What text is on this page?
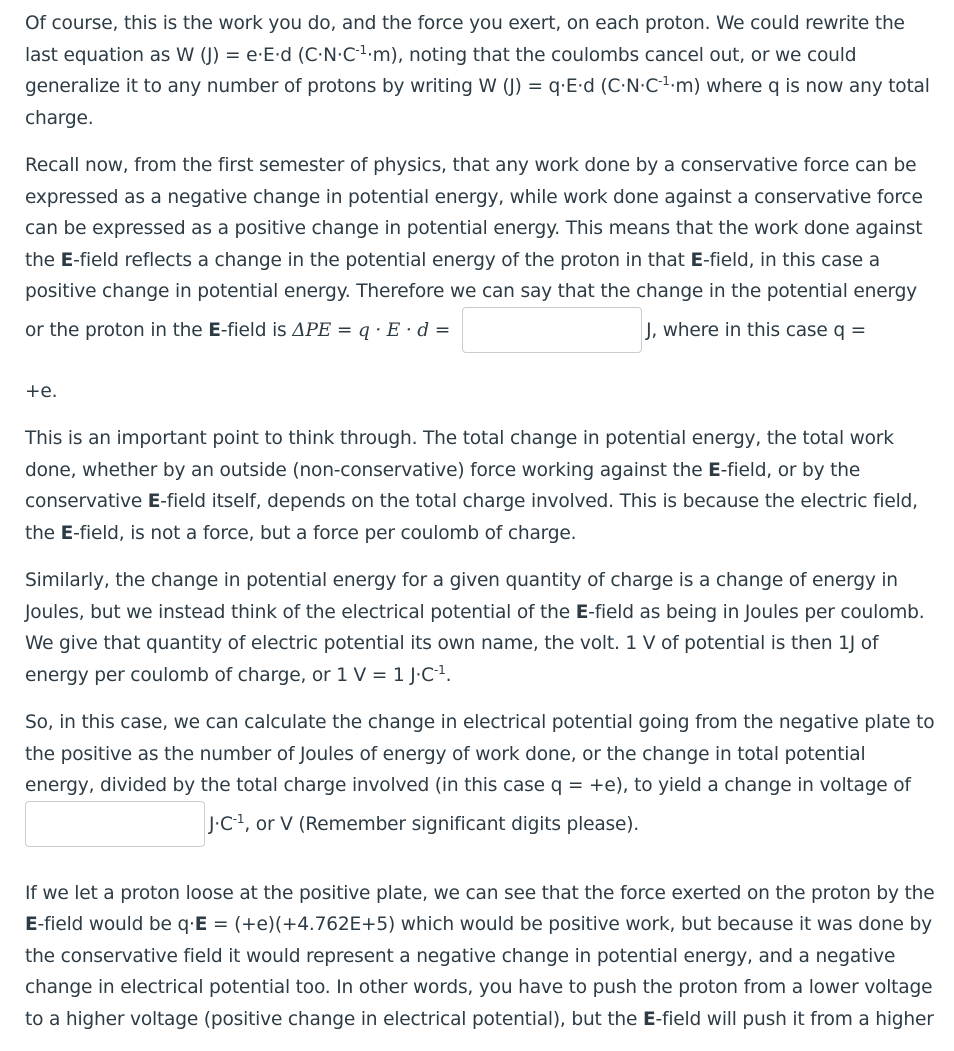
Of course, this is the work you do, and the force you exert, on each proton. We could rewrite the last equation as W (J) = e·E·d $(C\cdot N\cdot C^{-1}\cdot m)$, noting that the coulombs cancel out, or we could generalize it to any number of protons by writing W (J) = q·E·d $(C\cdot N\cdot C^{-1}\cdot m)$ where q is now any total charge.

Recall now, from the first semester of physics, that any work done by a conservative force can be expressed as a negative change in potential energy, while work done against a conservative force can be expressed as a positive change in potential energy. This means that the work done against the E-field reflects a change in the potential energy of the proton in that E-field, in this case a positive change in potential energy. Therefore we can say that the change in the potential energy

or the proton in the E-field is ΔPE = q · E · d =	J, where in this case q =

+e.

This is an important point to think through. The total change in potential energy, the total work done, whether by an outside (non-conservative) force working against the E-field, or by the conservative E-field itself, depends on the total charge involved. This is because the electric field, the E-field, is not a force, but a force per coulomb of charge.

Similarly, the change in potential energy for a given quantity of charge is a change of energy in Joules, but we instead think of the electrical potential of the E-field as being in Joules per coulomb. We give that quantity of electric potential its own name, the volt. 1 V of potential is then 1J of energy per coulomb of charge, or 1 V = 1 $J\cdot C^{-1}$.

So, in this case, we can calculate the change in electrical potential going from the negative plate to the positive as the number of Joules of energy of work done, or the change in total potential energy, divided by the total charge involved (in this case q = +e), to yield a change in voltage of

$J\cdot C^{-1}$, or V (Remember significant digits please).

If we let a proton loose at the positive plate, we can see that the force exerted on the proton by the E-field would be q·E = (+e)(+4.762E+5) which would be positive work, but because it was done by the conservative field it would represent a negative change in potential energy, and a negative change in electrical potential too. In other words, you have to push the proton from a lower voltage to a higher voltage (positive change in electrical potential), but the E-field will push it from a higher
